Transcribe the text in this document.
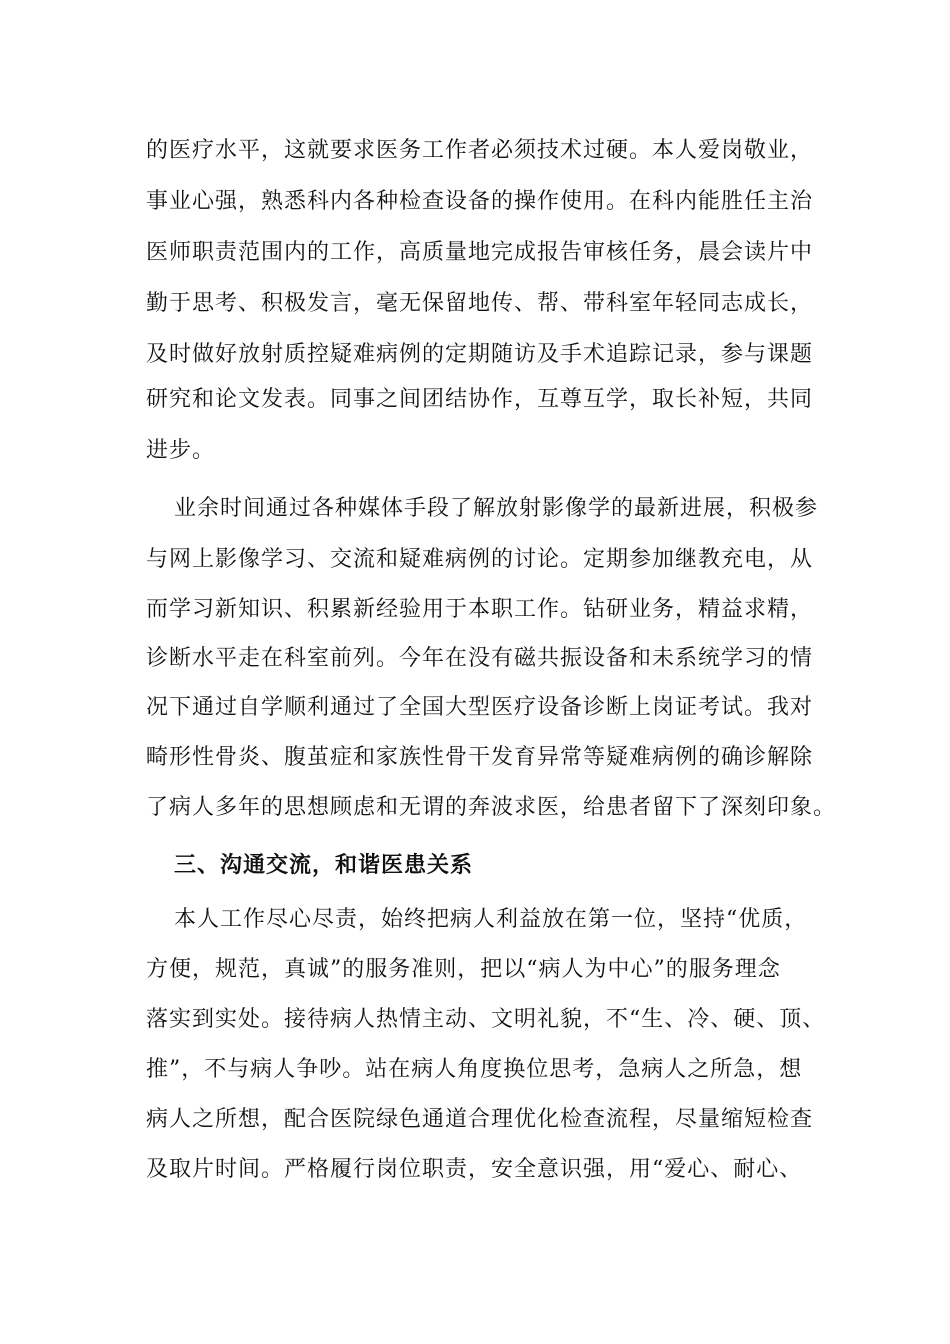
的医疗水平，这就要求医务工作者必须技术过硬。本人爱岗敬业，
事业心强，熟悉科内各种检查设备的操作使用。在科内能胜任主治
医师职责范围内的工作，高质量地完成报告审核任务，晨会读片中
勤于思考、积极发言，毫无保留地传、帮、带科室年轻同志成长，
及时做好放射质控疑难病例的定期随访及手术追踪记录，参与课题
研究和论文发表。同事之间团结协作，互尊互学，取长补短，共同
进步。
业余时间通过各种媒体手段了解放射影像学的最新进展，积极参
与网上影像学习、交流和疑难病例的讨论。定期参加继教充电，从
而学习新知识、积累新经验用于本职工作。钻研业务，精益求精，
诊断水平走在科室前列。今年在没有磁共振设备和未系统学习的情
况下通过自学顺利通过了全国大型医疗设备诊断上岗证考试。我对
畸形性骨炎、腹茧症和家族性骨干发育异常等疑难病例的确诊解除
了病人多年的思想顾虑和无谓的奔波求医，给患者留下了深刻印象。
三、沟通交流，和谐医患关系
本人工作尽心尽责，始终把病人利益放在第一位，坚持“优质，
方便，规范，真诚”的服务准则，把以“病人为中心”的服务理念
落实到实处。接待病人热情主动、文明礼貌，不“生、冷、硬、顶、
推”，不与病人争吵。站在病人角度换位思考，急病人之所急，想
病人之所想，配合医院绿色通道合理优化检查流程，尽量缩短检查
及取片时间。严格履行岗位职责，安全意识强，用“爱心、耐心、
